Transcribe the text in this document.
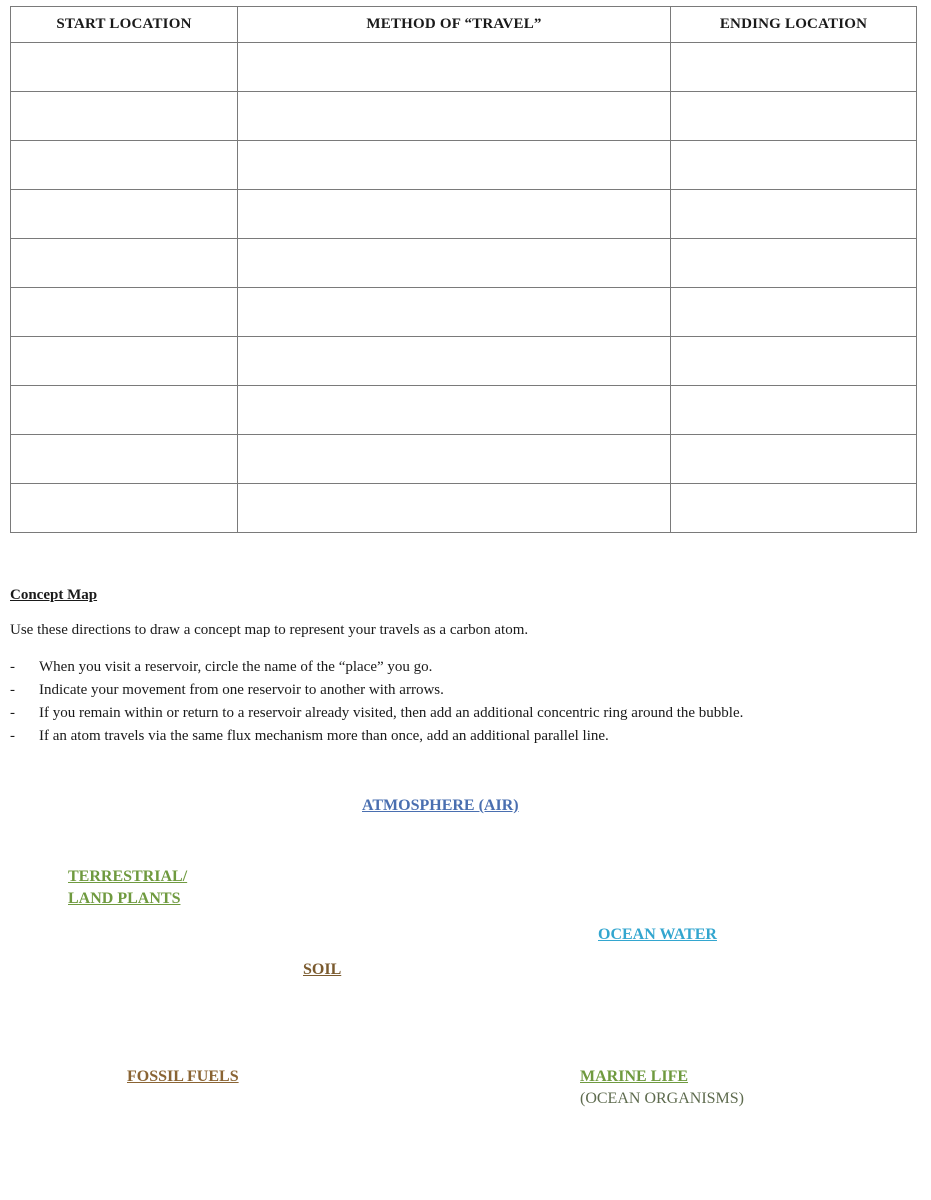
START LOCATION	METHOD OF “TRAVEL”	ENDING LOCATION

Concept Map

Use these directions to draw a concept map to represent your travels as a carbon atom.

- When you visit a reservoir, circle the name of the “place” you go.
- Indicate your movement from one reservoir to another with arrows.
- If you remain within or return to a reservoir already visited, then add an additional concentric ring around the bubble.
- If an atom travels via the same flux mechanism more than once, add an additional parallel line.
ATMOSPHERE (AIR)
TERRESTRIAL/
LAND PLANTS
OCEAN WATER
SOIL
FOSSIL FUELS	MARINE LIFE
(OCEAN ORGANISMS)
